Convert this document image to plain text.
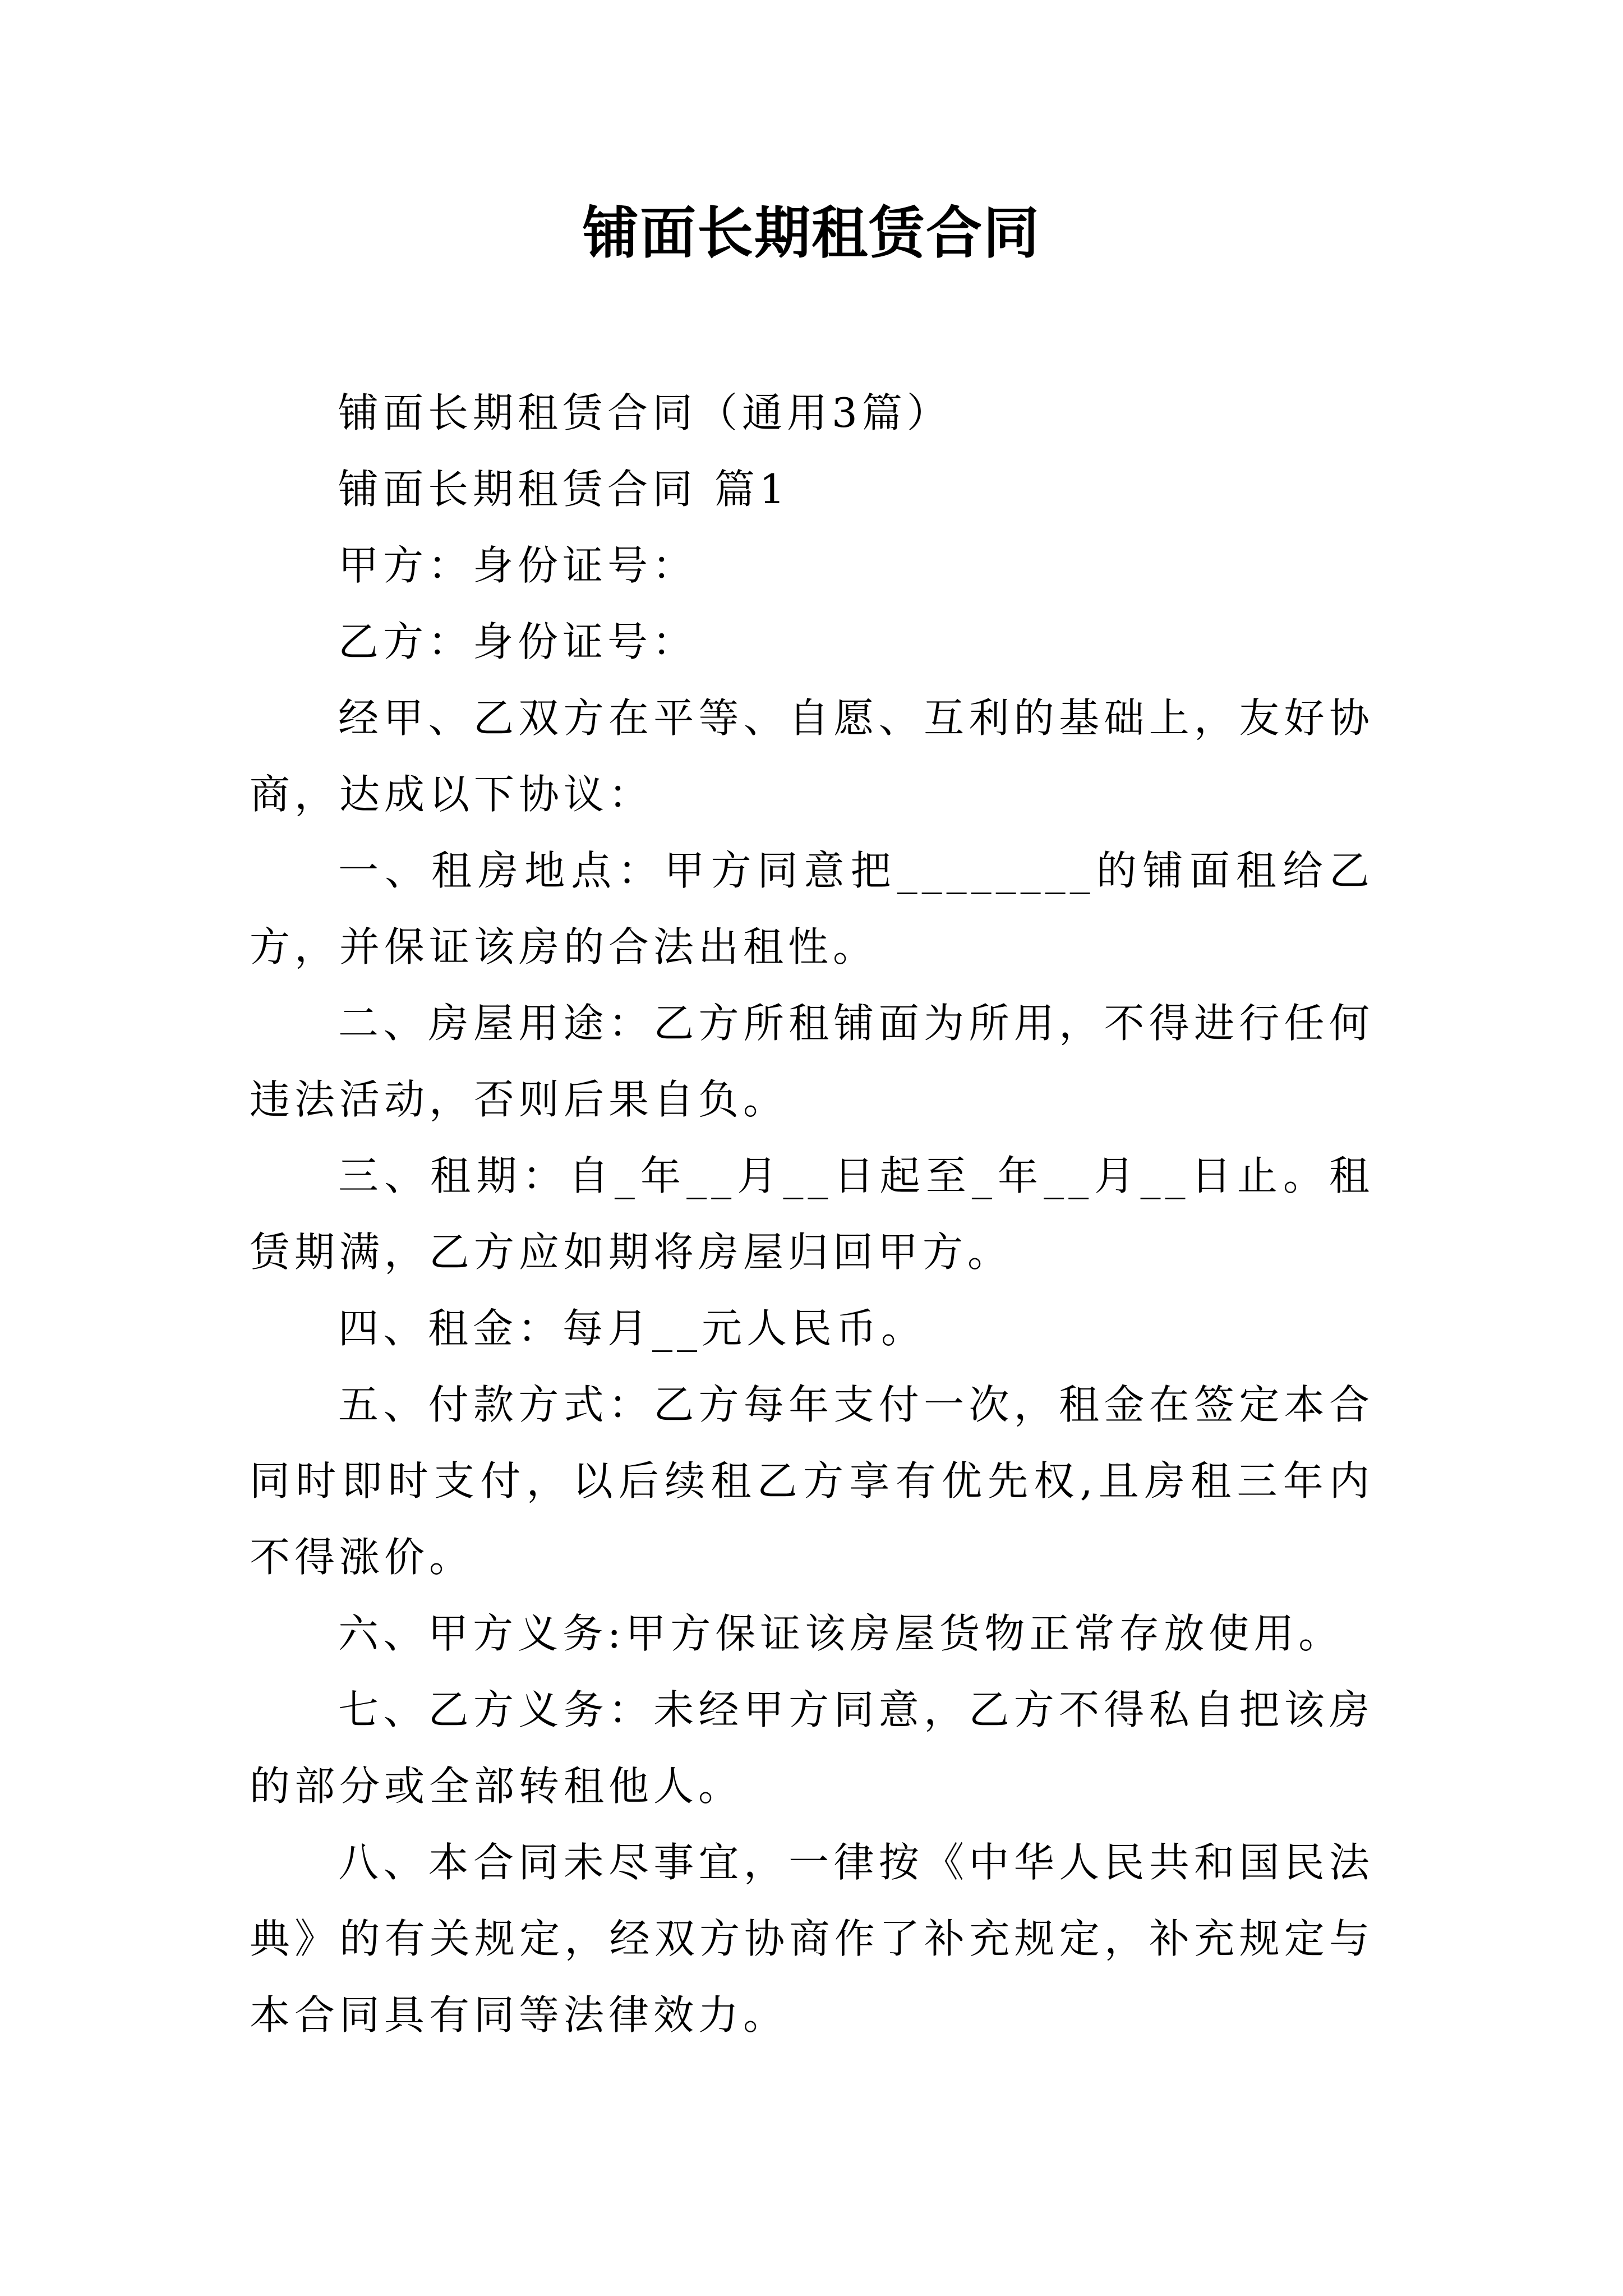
铺面长期租赁合同

铺面长期租赁合同（通用3篇）

铺面长期租赁合同 篇1

甲方：身份证号：

乙方：身份证号：

经甲、乙双方在平等、自愿、互利的基础上，友好协商，达成以下协议：

一、租房地点：甲方同意把________的铺面租给乙方，并保证该房的合法出租性。

二、房屋用途：乙方所租铺面为所用，不得进行任何违法活动，否则后果自负。

三、租期：自_年__月__日起至_年__月__日止。租赁期满，乙方应如期将房屋归回甲方。

四、租金：每月__元人民币。

五、付款方式：乙方每年支付一次，租金在签定本合同时即时支付，以后续租乙方享有优先权,且房租三年内不得涨价。

六、甲方义务:甲方保证该房屋货物正常存放使用。

七、乙方义务：未经甲方同意，乙方不得私自把该房的部分或全部转租他人。

八、本合同未尽事宜，一律按《中华人民共和国民法典》的有关规定，经双方协商作了补充规定，补充规定与本合同具有同等法律效力。
